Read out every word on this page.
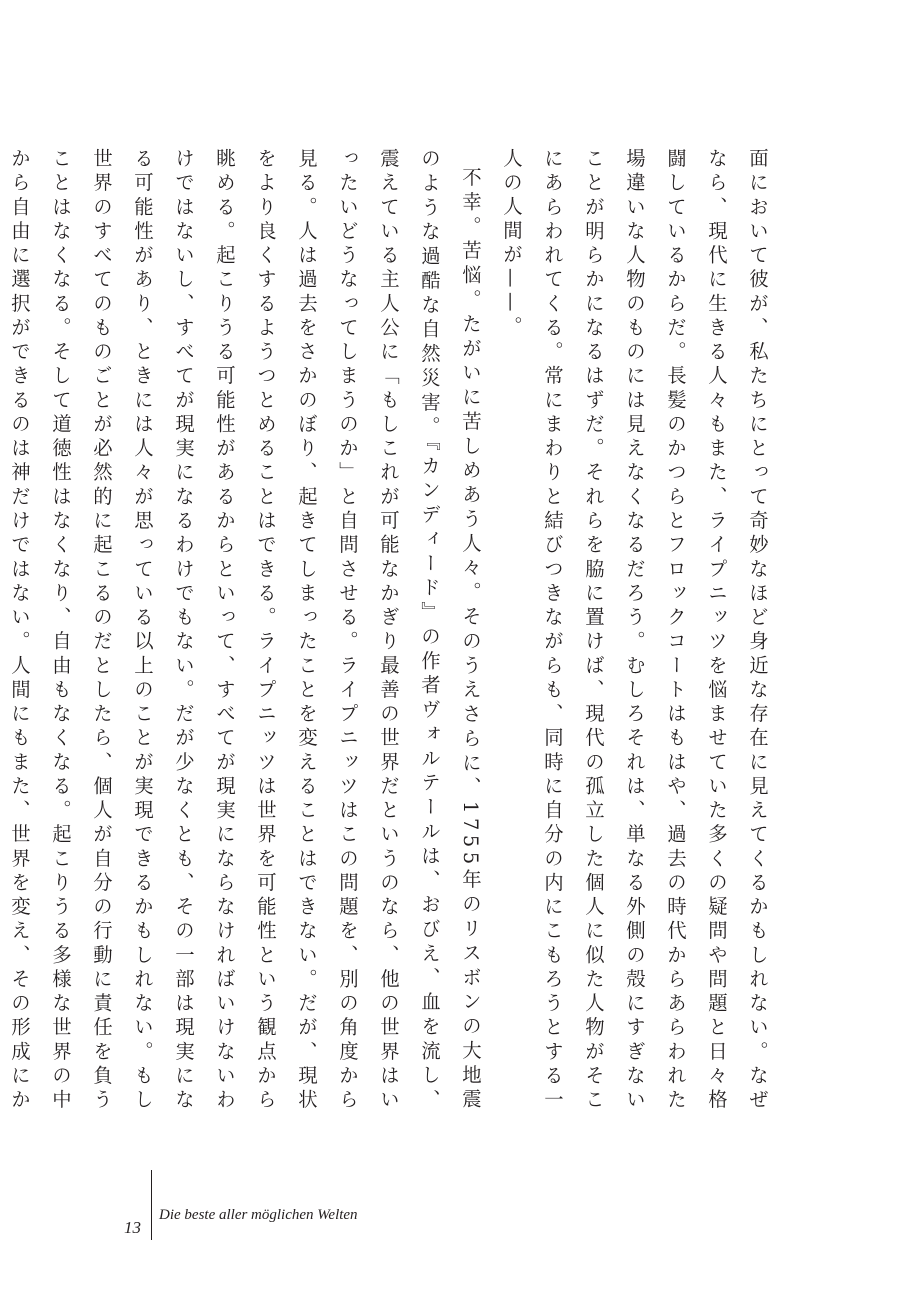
面において彼が、私たちにとって奇妙なほど身近な存在に見えてくるかもしれない。なぜなら、現代に生きる人々もまた、ライプニッツを悩ませていた多くの疑問や問題と日々格闘しているからだ。長髪のかつらとフロックコートはもはや、過去の時代からあらわれた場違いな人物のものには見えなくなるだろう。むしろそれは、単なる外側の殻にすぎないことが明らかになるはずだ。それらを脇に置けば、現代の孤立した個人に似た人物がそこにあらわれてくる。常にまわりと結びつきながらも、同時に自分の内にこもろうとする一人の人間が——。

不幸。苦悩。たがいに苦しめあう人々。そのうえさらに、1755年のリスボンの大地震のような過酷な自然災害。『カンディード』の作者ヴォルテールは、おびえ、血を流し、震えている主人公に「もしこれが可能なかぎり最善の世界だというのなら、他の世界はいったいどうなってしまうのか」と自問させる。ライプニッツはこの問題を、別の角度から見る。人は過去をさかのぼり、起きてしまったことを変えることはできない。だが、現状をより良くするようつとめることはできる。ライプニッツは世界を可能性という観点から眺める。起こりうる可能性があるからといって、すべてが現実にならなければいけないわけではないし、すべてが現実になるわけでもない。だが少なくとも、その一部は現実になる可能性があり、ときには人々が思っている以上のことが実現できるかもしれない。もし世界のすべてのものごとが必然的に起こるのだとしたら、個人が自分の行動に責任を負うことはなくなる。そして道徳性はなくなり、自由もなくなる。起こりうる多様な世界の中から自由に選択ができるのは神だけではない。人間にもまた、世界を変え、その形成にか

13
Die beste aller möglichen Welten
